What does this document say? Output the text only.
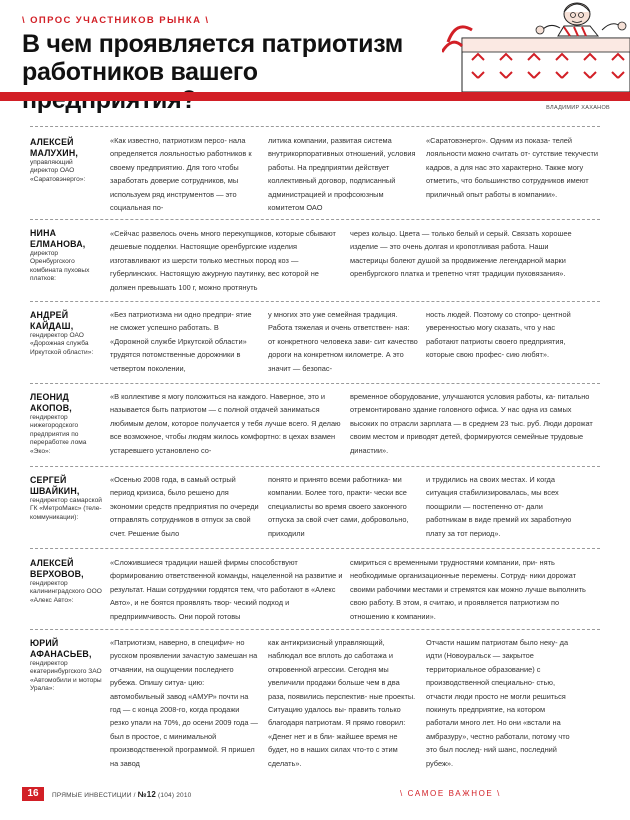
\ ОПРОС УЧАСТНИКОВ РЫНКА \
В чем проявляется патриотизм работников вашего
ВЛАДИМИР ХАХАНОВ
АЛЕКСЕЙ МАЛУХИН,
управляющий директор ОАО «Саратовэнерго»:
«Как известно, патриотизм персо- нала определяется лояльностью работников к своему предприятию. Для того чтобы заработать доверие сотрудников, мы используем ряд инструментов — это социальная по-
литика компании, развитая система внутрикорпоративных отношений, условия работы. На предприятии действует коллективный договор, подписанный администрацией и профсоюзным комитетом ОАО
«Саратовэнерго». Одним из показа- телей лояльности можно считать от- сутствие текучести кадров, а для нас это характерно. Также могу отметить, что большинство сотрудников имеют приличный опыт работы в компании».
НИНА ЕЛМАНОВА,
директор Оренбургского комбината пуховых платков:
«Сейчас развелось очень много перекупщиков, которые сбывают дешевые подделки. Настоящие оренбургские изделия изготавливают из шерсти только местных пород коз — губерлинских. Настоящую ажурную паутинку, вес которой не должен превышать 100 г, можно протянуть
через кольцо. Цвета — только белый и серый. Связать хорошее изделие — это очень долгая и кропотливая работа. Наши мастерицы болеют душой за продвижение легендарной марки оренбургского платка и трепетно чтят традиции пуховязания».
АНДРЕЙ КАЙДАШ,
гендиректор ОАО «Дорожная служба Иркутской области»:
«Без патриотизма ни одно предпри- ятие не сможет успешно работать. В «Дорожной службе Иркутской области» трудятся потомственные дорожники в четвертом поколении,
у многих это уже семейная традиция. Работа тяжелая и очень ответствен- ная: от конкретного человека зави- сит качество дороги на конкретном километре. А это значит — безопас-
ность людей. Поэтому со стопро- центной уверенностью могу сказать, что у нас работают патриоты своего предприятия, которые свою профес- сию любят».
ЛЕОНИД АКОПОВ,
гендиректор нижегородского предприятия по переработке лома «Эко»:
«В коллективе я могу положиться на каждого. Наверное, это и называется быть патриотом — с полной отдачей заниматься любимым делом, которое получается у тебя лучше всего. Я делаю все возможное, чтобы людям жилось комфортно: в цехах взамен устаревшего установлено со-
временное оборудование, улучшаются условия работы, ка- питально отремонтировано здание головного офиса. У нас одна из самых высоких по отрасли зарплата — в среднем 23 тыс. руб. Люди дорожат своим местом и приводят детей, формируются семейные трудовые династии».
СЕРГЕЙ ШВАЙКИН,
гендиректор самарской ГК «МетроМакс» (теле- коммуникации):
«Осенью 2008 года, в самый острый период кризиса, было решено для экономии средств предприятия по очереди отправлять сотрудников в отпуск за свой счет. Решение было
понято и принято всеми работника- ми компании. Более того, практи- чески все специалисты во время своего законного отпуска за свой счет сами, добровольно, приходили
и трудились на своих местах. И когда ситуация стабилизировалась, мы всех поощрили — постепенно от- дали работникам в виде премий их заработную плату за тот период».
АЛЕКСЕЙ ВЕРХОВОВ,
гендиректор калининградского ООО «Алекс Авто»:
«Сложившиеся традиции нашей фирмы способствуют формированию ответственной команды, нацеленной на развитие и результат. Наши сотрудники гордятся тем, что работают в «Алекс Авто», и не боятся проявлять твор- ческий подход и предприимчивость. Они порой готовы
смириться с временными трудностями компании, при- нять необходимые организационные перемены. Сотруд- ники дорожат своими рабочими местами и стремятся как можно лучше выполнить свою работу. В этом, я считаю, и проявляется патриотизм по отношению к компании».
ЮРИЙ АФАНАСЬЕВ,
гендиректор екатеринбургского ЗАО «Автомобили и моторы Урала»:
«Патриотизм, наверно, в специфич- но русском проявлении зачастую замешан на отчаянии, на ощущении последнего рубежа. Опишу ситуа- цию: автомобильный завод «АМУР» почти на год — с конца 2008-го, когда продажи резко упали на 70%, до осени 2009 года — был в простое, с минимальной производственной программой. Я пришел на завод
как антикризисный управляющий, наблюдал все вплоть до саботажа и откровенной агрессии. Сегодня мы увеличили продажи больше чем в два раза, появились перспектив- ные проекты. Ситуацию удалось вы- править только благодаря патриотам. Я прямо говорил: «Денег нет и в бли- жайшее время не будет, но в наших силах что-то с этим сделать».
Отчасти нашим патриотам было неку- да идти (Новоуральск — закрытое территориальное образование) с производственной специально- стью, отчасти люди просто не могли решиться покинуть предприятие, на котором работали много лет. Но они «встали на амбразуру», честно работали, потому что это был послед- ний шанс, последний рубеж».
16	ПРЯМЫЕ ИНВЕСТИЦИИ / №12 (104) 2010	\ САМОЕ ВАЖНОЕ \
